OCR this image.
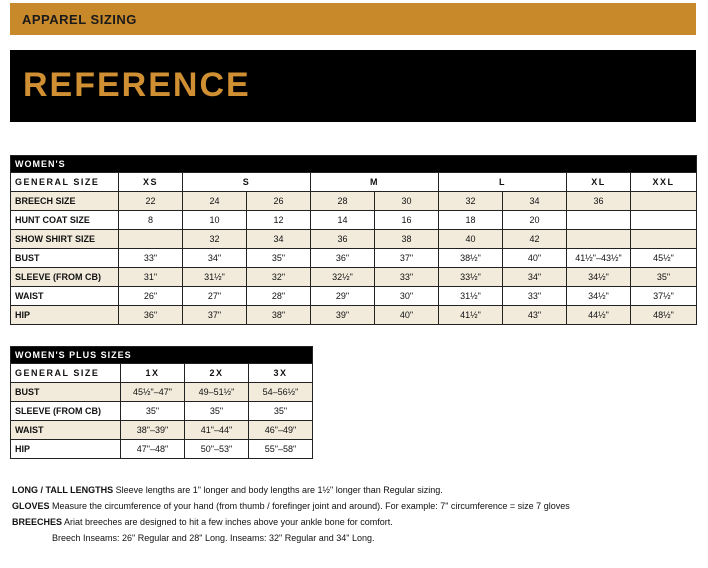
APPAREL SIZING
REFERENCE
WOMEN'S									
GENERAL SIZE	XS	S		M		L		XL	XXL
BREECH SIZE	22	24	26	28	30	32	34	36	
HUNT COAT SIZE	8	10	12	14	16	18	20		
SHOW SHIRT SIZE		32	34	36	38	40	42		
BUST	33"	34"	35"	36"	37"	38½"	40"	41½"–43½"	45½"
SLEEVE (FROM CB)	31"	31½"	32"	32½"	33"	33½"	34"	34½"	35"
WAIST	26"	27"	28"	29"	30"	31½"	33"	34½"	37½"
HIP	36"	37"	38"	39"	40"	41½"	43"	44½"	48½"
WOMEN'S PLUS SIZES			
GENERAL SIZE	1X	2X	3X
BUST	45½"–47"	49–51½"	54–56½"
SLEEVE (FROM CB)	35"	35"	35"
WAIST	38"–39"	41"–44"	46"–49"
HIP	47"–48"	50"–53"	55"–58"
LONG / TALL LENGTHS Sleeve lengths are 1" longer and body lengths are 1½" longer than Regular sizing.
GLOVES Measure the circumference of your hand (from thumb / forefinger joint and around). For example: 7" circumference = size 7 gloves
BREECHES Ariat breeches are designed to hit a few inches above your ankle bone for comfort.
Breech Inseams: 26" Regular and 28" Long. Inseams: 32" Regular and 34" Long.
